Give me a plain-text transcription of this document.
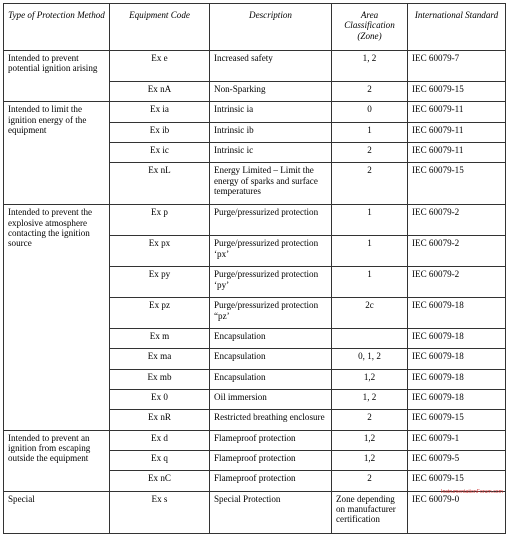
Type of Protection Method	Equipment Code	Description	Area Classification (Zone)	International Standard
Intended to prevent potential ignition arising	Ex e	Increased safety	1, 2	IEC 60079-7
	Ex nA	Non-Sparking	2	IEC 60079-15
Intended to limit the ignition energy of the equipment	Ex ia	Intrinsic ia	0	IEC 60079-11
	Ex ib	Intrinsic ib	1	IEC 60079-11
	Ex ic	Intrinsic ic	2	IEC 60079-11
	Ex nL	Energy Limited – Limit the energy of sparks and surface temperatures	2	IEC 60079-15
Intended to prevent the explosive atmosphere contacting the ignition source	Ex p	Purge/pressurized protection	1	IEC 60079-2
	Ex px	Purge/pressurized protection ‘px’	1	IEC 60079-2
	Ex py	Purge/pressurized protection ‘py’	1	IEC 60079-2
	Ex pz	Purge/pressurized protection “pz’	2c	IEC 60079-18
	Ex m	Encapsulation		IEC 60079-18
	Ex ma	Encapsulation	0, 1, 2	IEC 60079-18
	Ex mb	Encapsulation	1,2	IEC 60079-18
	Ex 0	Oil immersion	1, 2	IEC 60079-18
	Ex nR	Restricted breathing enclosure	2	IEC 60079-15
Intended to prevent an ignition from escaping outside the equipment	Ex d	Flameproof protection	1,2	IEC 60079-1
	Ex q	Flameproof protection	1,2	IEC 60079-5
	Ex nC	Flameproof protection	2	IEC 60079-15
Special	Ex s	Special Protection	Zone depending on manufacturer certification	IEC 60079-0
InstrumentationForum.com
